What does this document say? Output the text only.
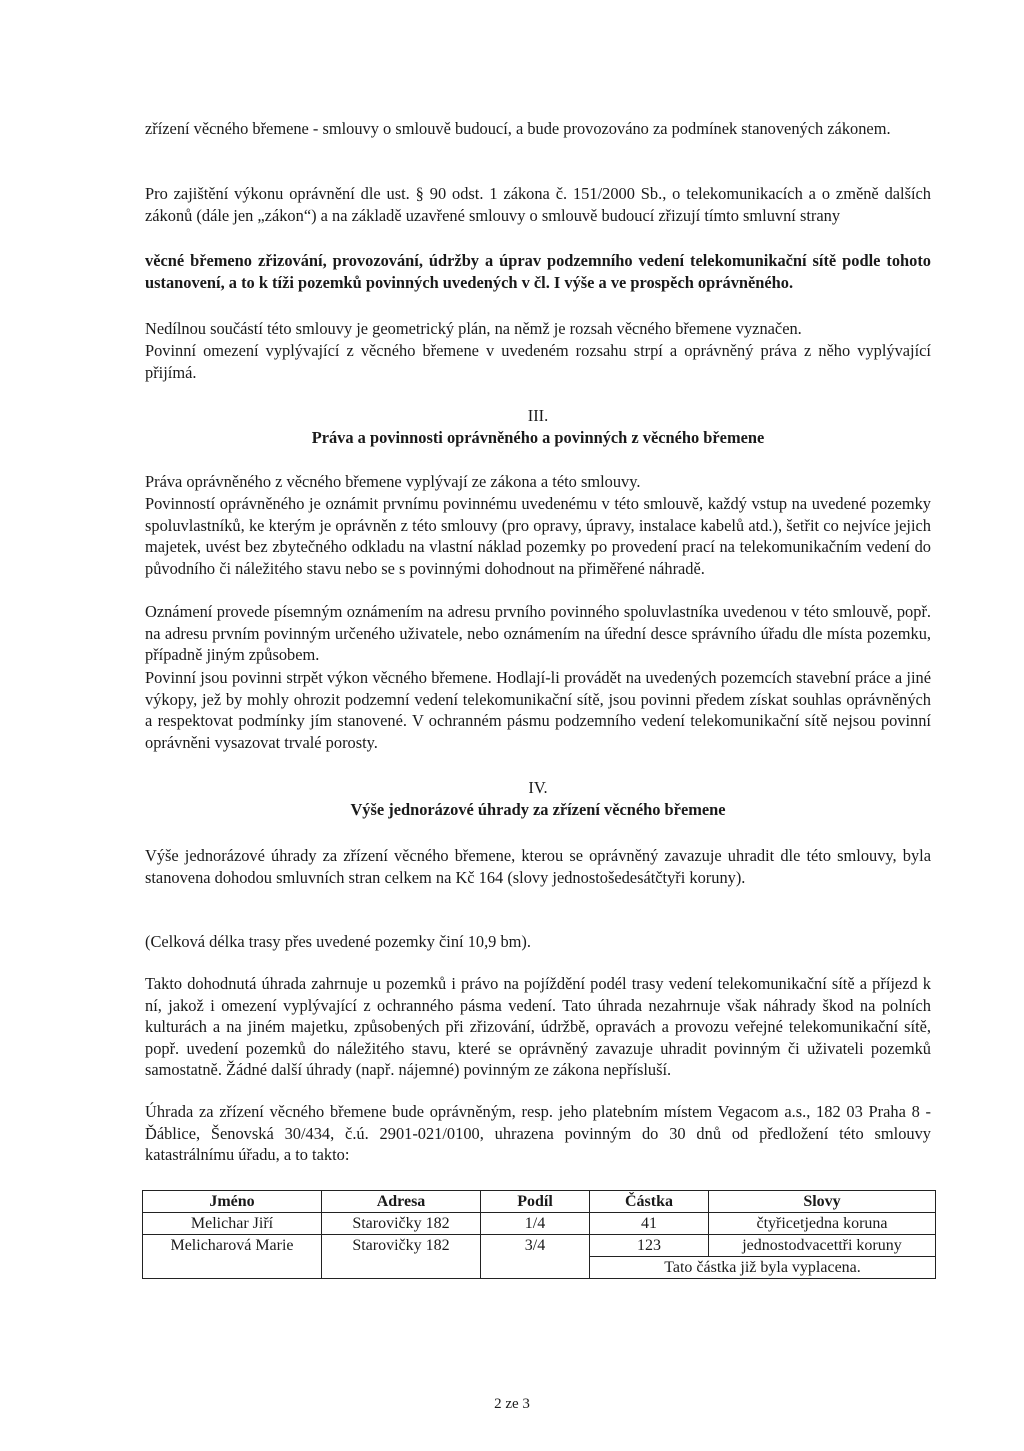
zřízení věcného břemene - smlouvy o smlouvě budoucí, a bude provozováno za podmínek stanovených zákonem.

Pro zajištění výkonu oprávnění dle ust. § 90 odst. 1 zákona č. 151/2000 Sb., o telekomunikacích a o změně dalších zákonů (dále jen „zákon“) a na základě uzavřené smlouvy o smlouvě budoucí zřizují tímto smluvní strany

věcné břemeno zřizování, provozování, údržby a úprav podzemního vedení telekomunikační sítě podle tohoto ustanovení, a to k tíži pozemků povinných uvedených v čl. I výše a ve prospěch oprávněného.

Nedílnou součástí této smlouvy je geometrický plán, na němž je rozsah věcného břemene vyznačen.

Povinní omezení vyplývající z věcného břemene v uvedeném rozsahu strpí a oprávněný práva z něho vyplývající přijímá.

III.
Práva a povinnosti oprávněného a povinných z věcného břemene

Práva oprávněného z věcného břemene vyplývají ze zákona a této smlouvy.

Povinností oprávněného je oznámit prvnímu povinnému uvedenému v této smlouvě, každý vstup na uvedené pozemky spoluvlastníků, ke kterým je oprávněn z této smlouvy (pro opravy, úpravy, instalace kabelů atd.), šetřit co nejvíce jejich majetek, uvést bez zbytečného odkladu na vlastní náklad pozemky po provedení prací na telekomunikačním vedení do původního či náležitého stavu nebo se s povinnými dohodnout na přiměřené náhradě.

Oznámení provede písemným oznámením na adresu prvního povinného spoluvlastníka uvedenou v této smlouvě, popř. na adresu prvním povinným určeného uživatele, nebo oznámením na úřední desce správního úřadu dle místa pozemku, případně jiným způsobem.

Povinní jsou povinni strpět výkon věcného břemene. Hodlají-li provádět na uvedených pozemcích stavební práce a jiné výkopy, jež by mohly ohrozit podzemní vedení telekomunikační sítě, jsou povinni předem získat souhlas oprávněných a respektovat podmínky jím stanovené. V ochranném pásmu podzemního vedení telekomunikační sítě nejsou povinní oprávněni vysazovat trvalé porosty.

IV.
Výše jednorázové úhrady za zřízení věcného břemene

Výše jednorázové úhrady za zřízení věcného břemene, kterou se oprávněný zavazuje uhradit dle této smlouvy, byla stanovena dohodou smluvních stran celkem na Kč 164 (slovy jednostošedesátčtyři koruny).

(Celková délka trasy přes uvedené pozemky činí 10,9 bm).

Takto dohodnutá úhrada zahrnuje u pozemků i právo na pojíždění podél trasy vedení telekomunikační sítě a příjezd k ní, jakož i omezení vyplývající z ochranného pásma vedení. Tato úhrada nezahrnuje však náhrady škod na polních kulturách a na jiném majetku, způsobených při zřizování, údržbě, opravách a provozu veřejné telekomunikační sítě, popř. uvedení pozemků do náležitého stavu, které se oprávněný zavazuje uhradit povinným či uživateli pozemků samostatně. Žádné další úhrady (např. nájemné) povinným ze zákona nepřísluší.

Úhrada za zřízení věcného břemene bude oprávněným, resp. jeho platebním místem Vegacom a.s., 182 03 Praha 8 - Ďáblice, Šenovská 30/434, č.ú. 2901-021/0100, uhrazena povinným do 30 dnů od předložení této smlouvy katastrálnímu úřadu, a to takto:

Jméno	Adresa	Podíl	Částka	Slovy
Melichar Jiří	Starovičky 182	1/4	41	čtyřicetjedna koruna
Melicharová Marie	Starovičky 182	3/4	123	jednostodvacettři koruny
			Tato částka již byla vyplacena.	
2 ze 3
